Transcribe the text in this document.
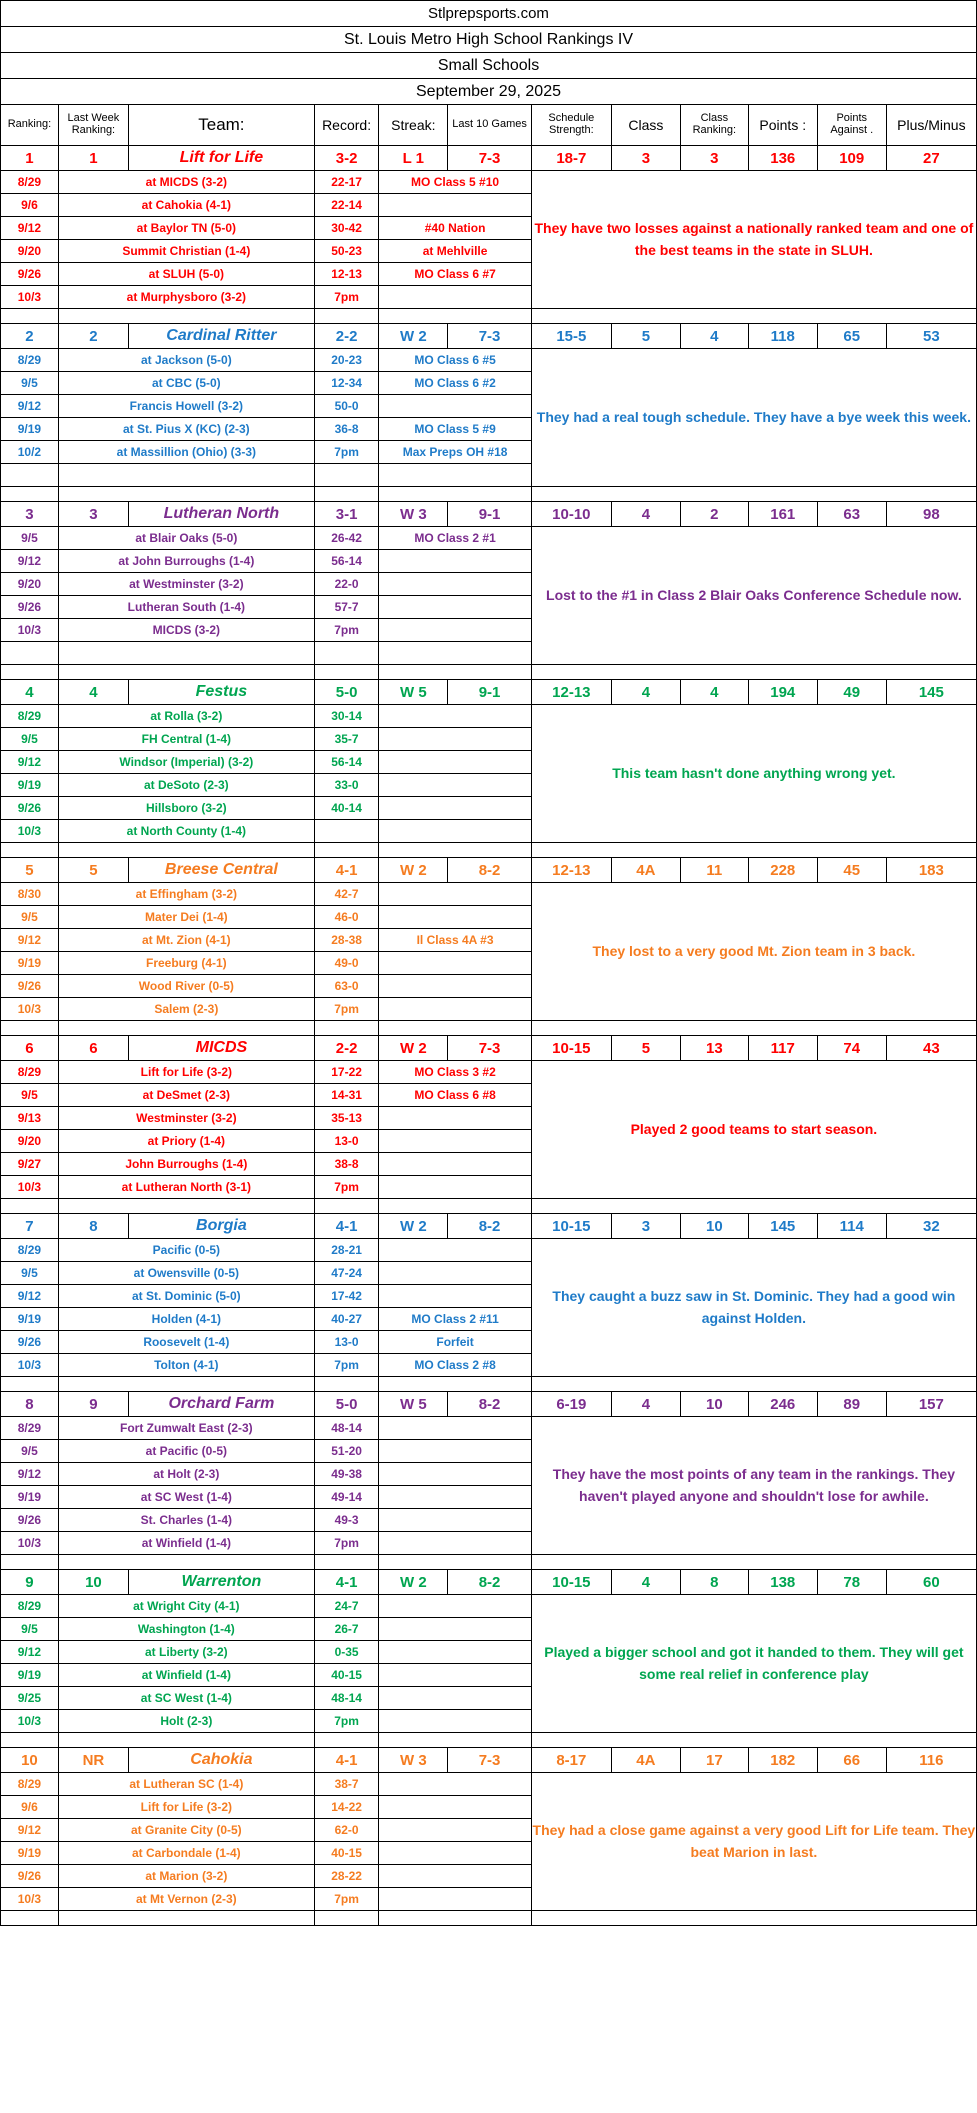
Stlprepsports.com											
St. Louis Metro High School Rankings IV											
Small Schools											
September 29, 2025											
Ranking:	Last Week Ranking:	Team:	Record:	Streak:	Last 10 Games	Schedule Strength:	Class	Class Ranking:	Points :	Points Against .	Plus/Minus
1	1	Lift for Life	3-2	L 1	7-3	18-7	3	3	136	109	27
8/29	at MICDS (3-2)		22-17	MO Class 5 #10		They have two losses against a nationally ranked team and one of the best teams in the state in SLUH.					
9/6	at Cahokia (4-1)		22-14								
9/12	at Baylor TN (5-0)		30-42	#40 Nation							
9/20	Summit Christian (1-4)		50-23	at Mehlville							
9/26	at SLUH (5-0)		12-13	MO Class 6 #7							
10/3	at Murphysboro (3-2)		7pm								

2	2	Cardinal Ritter	2-2	W 2	7-3	15-5	5	4	118	65	53
8/29	at Jackson (5-0)		20-23	MO Class 6 #5		They had a real tough schedule. They have a bye week this week.					
9/5	at CBC (5-0)		12-34	MO Class 6 #2							
9/12	Francis Howell (3-2)		50-0								
9/19	at St. Pius X (KC) (2-3)		36-8	MO Class 5 #9							
10/2	at Massillion (Ohio) (3-3)		7pm	Max Preps OH #18							

3	3	Lutheran North	3-1	W 3	9-1	10-10	4	2	161	63	98
9/5	at Blair Oaks (5-0)		26-42	MO Class 2 #1		Lost to the #1 in Class 2 Blair Oaks Conference Schedule now.					
9/12	at John Burroughs (1-4)		56-14								
9/20	at Westminster (3-2)		22-0								
9/26	Lutheran South (1-4)		57-7								
10/3	MICDS (3-2)		7pm								

4	4	Festus	5-0	W 5	9-1	12-13	4	4	194	49	145
8/29	at Rolla (3-2)		30-14			This team hasn't done anything wrong yet.					
9/5	FH Central (1-4)		35-7								
9/12	Windsor (Imperial) (3-2)		56-14								
9/19	at DeSoto (2-3)		33-0								
9/26	Hillsboro (3-2)		40-14								
10/3	at North County (1-4)										

5	5	Breese Central	4-1	W 2	8-2	12-13	4A	11	228	45	183
8/30	at Effingham (3-2)		42-7			They lost to a very good Mt. Zion team in 3 back.					
9/5	Mater Dei (1-4)		46-0								
9/12	at Mt. Zion (4-1)		28-38	Il Class 4A #3							
9/19	Freeburg (4-1)		49-0								
9/26	Wood River (0-5)		63-0								
10/3	Salem (2-3)		7pm								

6	6	MICDS	2-2	W 2	7-3	10-15	5	13	117	74	43
8/29	Lift for Life (3-2)		17-22	MO Class 3 #2		Played 2 good teams to start season.					
9/5	at DeSmet (2-3)		14-31	MO Class 6 #8							
9/13	Westminster (3-2)		35-13								
9/20	at Priory (1-4)		13-0								
9/27	John Burroughs (1-4)		38-8								
10/3	at Lutheran North (3-1)		7pm								

7	8	Borgia	4-1	W 2	8-2	10-15	3	10	145	114	32
8/29	Pacific (0-5)		28-21			They caught a buzz saw in St. Dominic. They had a good win against Holden.					
9/5	at Owensville (0-5)		47-24								
9/12	at St. Dominic (5-0)		17-42								
9/19	Holden (4-1)		40-27	MO Class 2 #11							
9/26	Roosevelt (1-4)		13-0	Forfeit							
10/3	Tolton (4-1)		7pm	MO Class 2 #8							

8	9	Orchard Farm	5-0	W 5	8-2	6-19	4	10	246	89	157
8/29	Fort Zumwalt East (2-3)		48-14			They have the most points of any team in the rankings. They haven't played anyone and shouldn't lose for awhile.					
9/5	at Pacific (0-5)		51-20								
9/12	at Holt (2-3)		49-38								
9/19	at SC West (1-4)		49-14								
9/26	St. Charles (1-4)		49-3								
10/3	at Winfield (1-4)		7pm								

9	10	Warrenton	4-1	W 2	8-2	10-15	4	8	138	78	60
8/29	at Wright City (4-1)		24-7			Played a bigger school and got it handed to them. They will get some real relief in conference play					
9/5	Washington (1-4)		26-7								
9/12	at Liberty (3-2)		0-35								
9/19	at Winfield (1-4)		40-15								
9/25	at SC West (1-4)		48-14								
10/3	Holt (2-3)		7pm								

10	NR	Cahokia	4-1	W 3	7-3	8-17	4A	17	182	66	116
8/29	at Lutheran SC (1-4)		38-7			They had a close game against a very good Lift for Life team. They beat Marion in last.					
9/6	Lift for Life (3-2)		14-22								
9/12	at Granite City (0-5)		62-0								
9/19	at Carbondale (1-4)		40-15								
9/26	at Marion (3-2)		28-22								
10/3	at Mt Vernon (2-3)		7pm								
